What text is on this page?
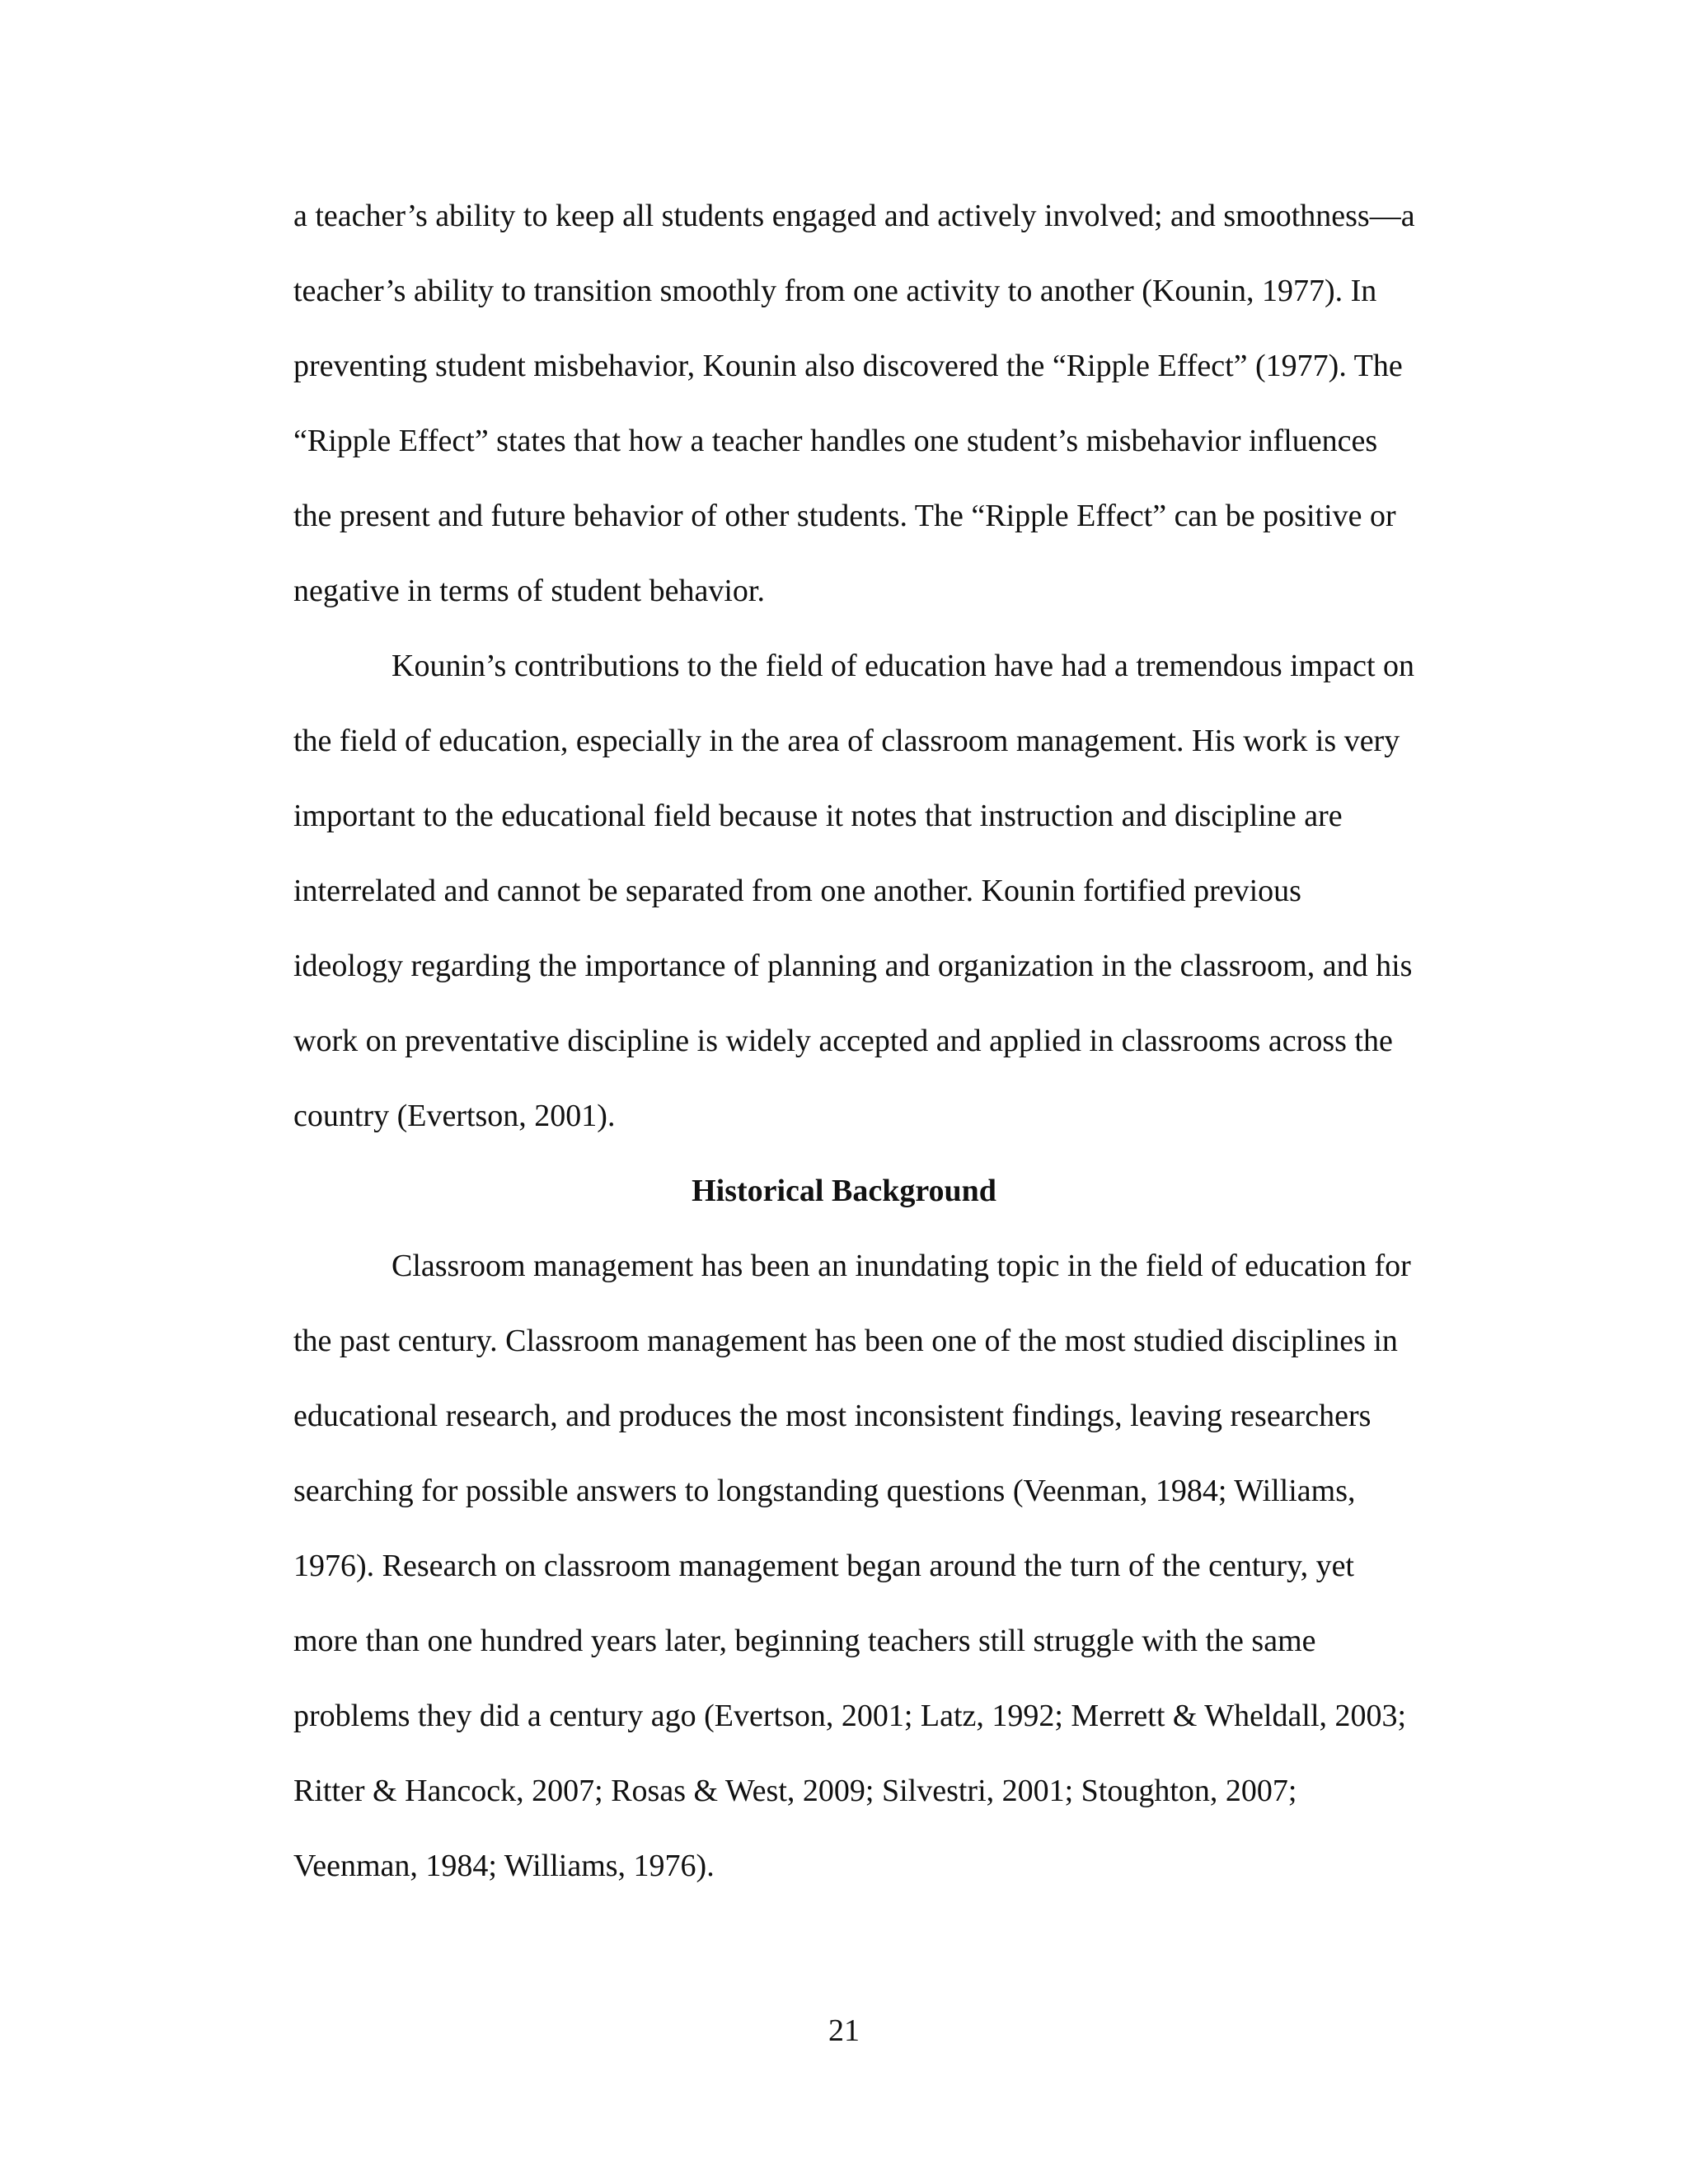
a teacher’s ability to keep all students engaged and actively involved; and smoothness—a
teacher’s ability to transition smoothly from one activity to another (Kounin, 1977). In
preventing student misbehavior, Kounin also discovered the “Ripple Effect” (1977). The
“Ripple Effect” states that how a teacher handles one student’s misbehavior influences
the present and future behavior of other students. The “Ripple Effect” can be positive or
negative in terms of student behavior.
Kounin’s contributions to the field of education have had a tremendous impact on
the field of education, especially in the area of classroom management. His work is very
important to the educational field because it notes that instruction and discipline are
interrelated and cannot be separated from one another. Kounin fortified previous
ideology regarding the importance of planning and organization in the classroom, and his
work on preventative discipline is widely accepted and applied in classrooms across the
country (Evertson, 2001).
Historical Background
Classroom management has been an inundating topic in the field of education for
the past century. Classroom management has been one of the most studied disciplines in
educational research, and produces the most inconsistent findings, leaving researchers
searching for possible answers to longstanding questions (Veenman, 1984; Williams,
1976). Research on classroom management began around the turn of the century, yet
more than one hundred years later, beginning teachers still struggle with the same
problems they did a century ago (Evertson, 2001; Latz, 1992; Merrett & Wheldall, 2003;
Ritter & Hancock, 2007; Rosas & West, 2009; Silvestri, 2001; Stoughton, 2007;
Veenman, 1984; Williams, 1976).
21
